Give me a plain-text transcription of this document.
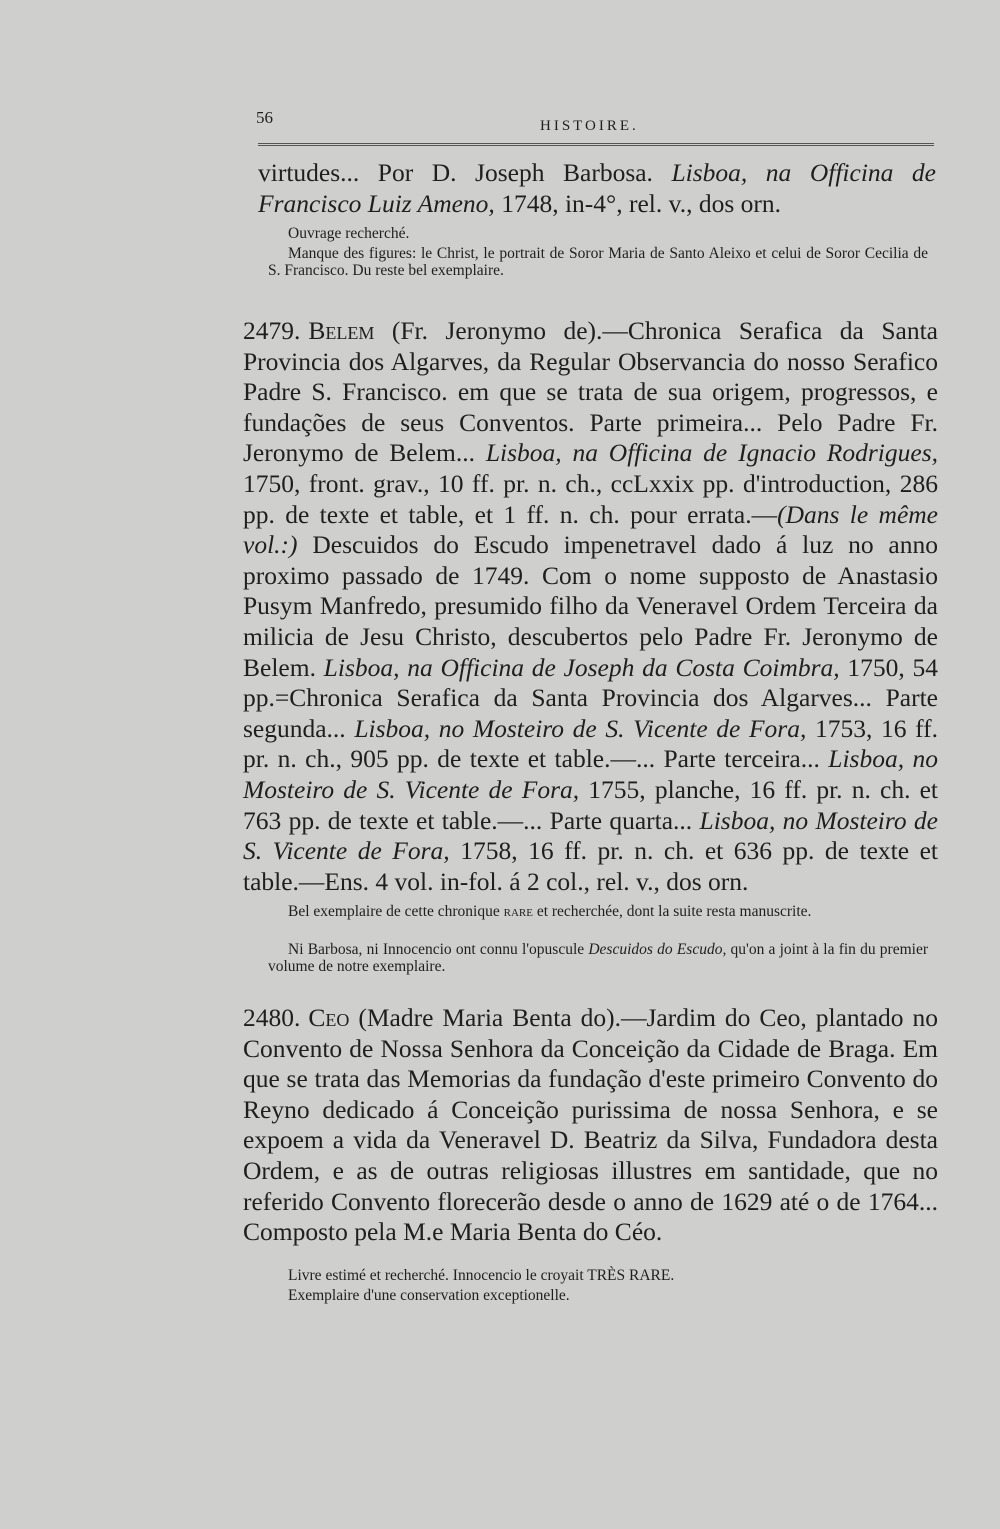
56	HISTOIRE.
virtudes... Por D. Joseph Barbosa. Lisboa, na Officina de Francisco Luiz Ameno, 1748, in-4°, rel. v., dos orn.
Ouvrage recherché.
Manque des figures: le Christ, le portrait de Soror Maria de Santo Aleixo et celui de Soror Cecilia de S. Francisco. Du reste bel exemplaire.
2479. Belem (Fr. Jeronymo de).—Chronica Serafica da Santa Provincia dos Algarves, da Regular Observancia do nosso Serafico Padre S. Francisco. em que se trata de sua origem, progressos, e fundações de seus Conventos. Parte primeira... Pelo Padre Fr. Jeronymo de Belem... Lisboa, na Officina de Ignacio Rodrigues, 1750, front. grav., 10 ff. pr. n. ch., ccLxxix pp. d'introduction, 286 pp. de texte et table, et 1 ff. n. ch. pour errata.—(Dans le même vol.:) Descuidos do Escudo impenetravel dado á luz no anno proximo passado de 1749. Com o nome supposto de Anastasio Pusym Manfredo, presumido filho da Veneravel Ordem Terceira da milicia de Jesu Christo, descubertos pelo Padre Fr. Jeronymo de Belem. Lisboa, na Officina de Joseph da Costa Coimbra, 1750, 54 pp.=Chronica Serafica da Santa Provincia dos Algarves... Parte segunda... Lisboa, no Mosteiro de S. Vicente de Fora, 1753, 16 ff. pr. n. ch., 905 pp. de texte et table.—... Parte terceira... Lisboa, no Mosteiro de S. Vicente de Fora, 1755, planche, 16 ff. pr. n. ch. et 763 pp. de texte et table.—... Parte quarta... Lisboa, no Mosteiro de S. Vicente de Fora, 1758, 16 ff. pr. n. ch. et 636 pp. de texte et table.—Ens. 4 vol. in-fol. á 2 col., rel. v., dos orn.
Bel exemplaire de cette chronique rare et recherchée, dont la suite resta manuscrite.
Ni Barbosa, ni Innocencio ont connu l'opuscule Descuidos do Escudo, qu'on a joint à la fin du premier volume de notre exemplaire.
2480. Ceo (Madre Maria Benta do).—Jardim do Ceo, plantado no Convento de Nossa Senhora da Conceição da Cidade de Braga. Em que se trata das Memorias da fundação d'este primeiro Convento do Reyno dedicado á Conceição purissima de nossa Senhora, e se expoem a vida da Veneravel D. Beatriz da Silva, Fundadora desta Ordem, e as de outras religiosas illustres em santidade, que no referido Convento florecerão desde o anno de 1629 até o de 1764... Composto pela M.e Maria Benta do Céo.
Livre estimé et recherché. Innocencio le croyait TRÈS RARE.
Exemplaire d'une conservation exceptionelle.
